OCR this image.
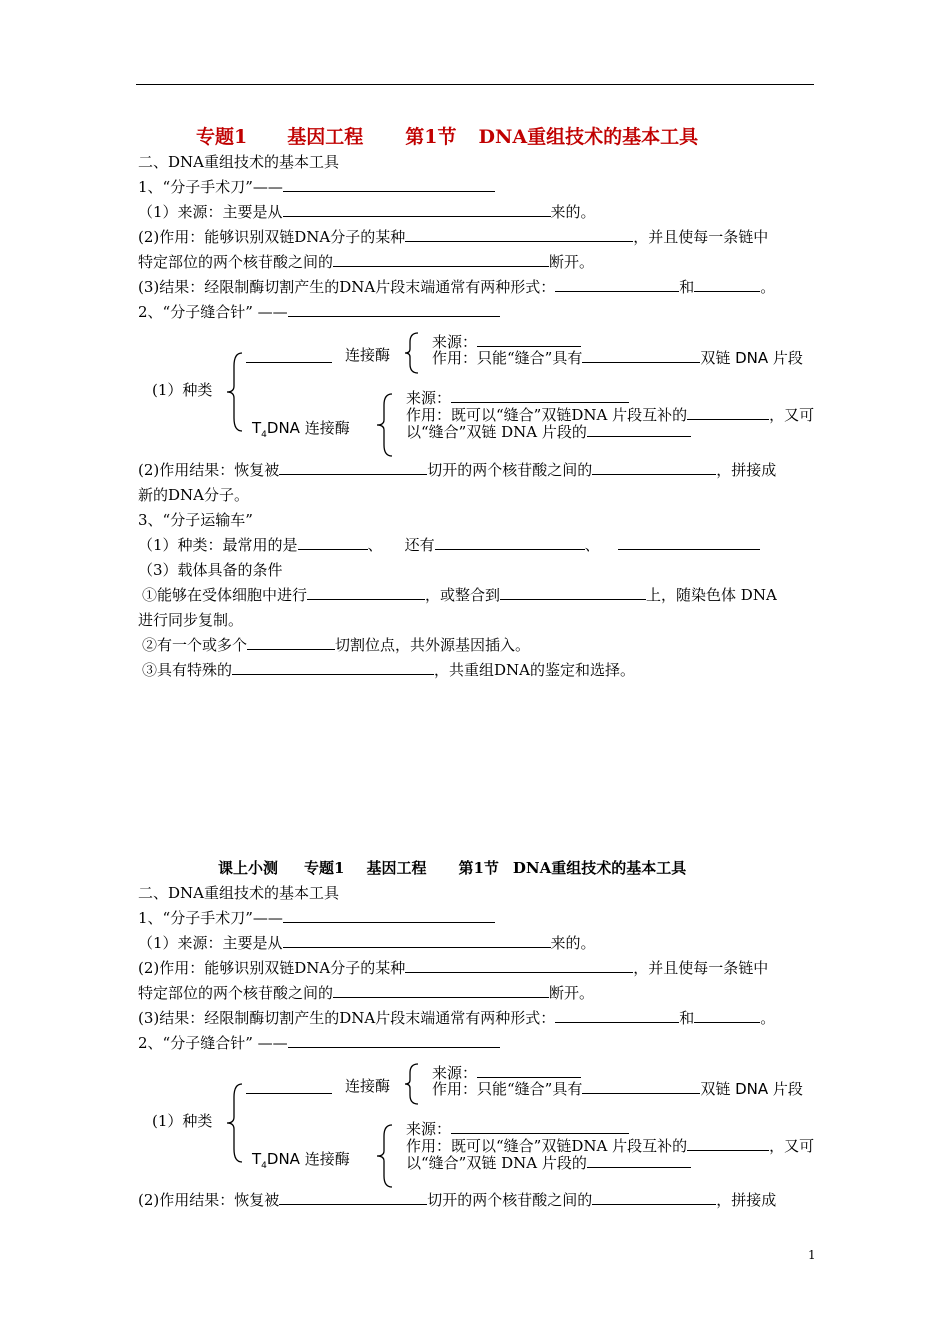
专题1 基因工程 第1节 DNA重组技术的基本工具
二、DNA重组技术的基本工具
1、“分子手术刀”——
（1）来源：主要是从	来的。
(2)作用：能够识别双链DNA分子的某种	，并且使每一条链中
特定部位的两个核苷酸之间的	断开。
(3)结果：经限制酶切割产生的DNA片段末端通常有两种形式：	和	。
2、“分子缝合针” ——
连接酶
来源：
作用：只能“缝合”具有	双链 DNA 片段
(1）种类
$T_4DNA$ 连接酶
来源：
作用：既可以“缝合”双链DNA 片段互补的	，又可
以“缝合”双链 DNA 片段的
(2)作用结果：恢复被	切开的两个核苷酸之间的	，拼接成
新的DNA分子。
3、“分子运输车”
（1）种类：最常用的是	、 还有	、
（3）载体具备的条件
①能够在受体细胞中进行	，或整合到	上，随染色体 DNA
进行同步复制。
②有一个或多个	切割位点，共外源基因插入。
③具有特殊的	，共重组DNA的鉴定和选择。
课上小测 专题1 基因工程 第1节 DNA重组技术的基本工具
二、DNA重组技术的基本工具
1、“分子手术刀”——
（1）来源：主要是从	来的。
(2)作用：能够识别双链DNA分子的某种	，并且使每一条链中
特定部位的两个核苷酸之间的	断开。
(3)结果：经限制酶切割产生的DNA片段末端通常有两种形式：	和	。
2、“分子缝合针” ——
连接酶
来源：
作用：只能“缝合”具有	双链 DNA 片段
(1）种类
$T_4DNA$ 连接酶
来源：
作用：既可以“缝合”双链DNA 片段互补的	，又可
以“缝合”双链 DNA 片段的
(2)作用结果：恢复被	切开的两个核苷酸之间的	，拼接成
1
